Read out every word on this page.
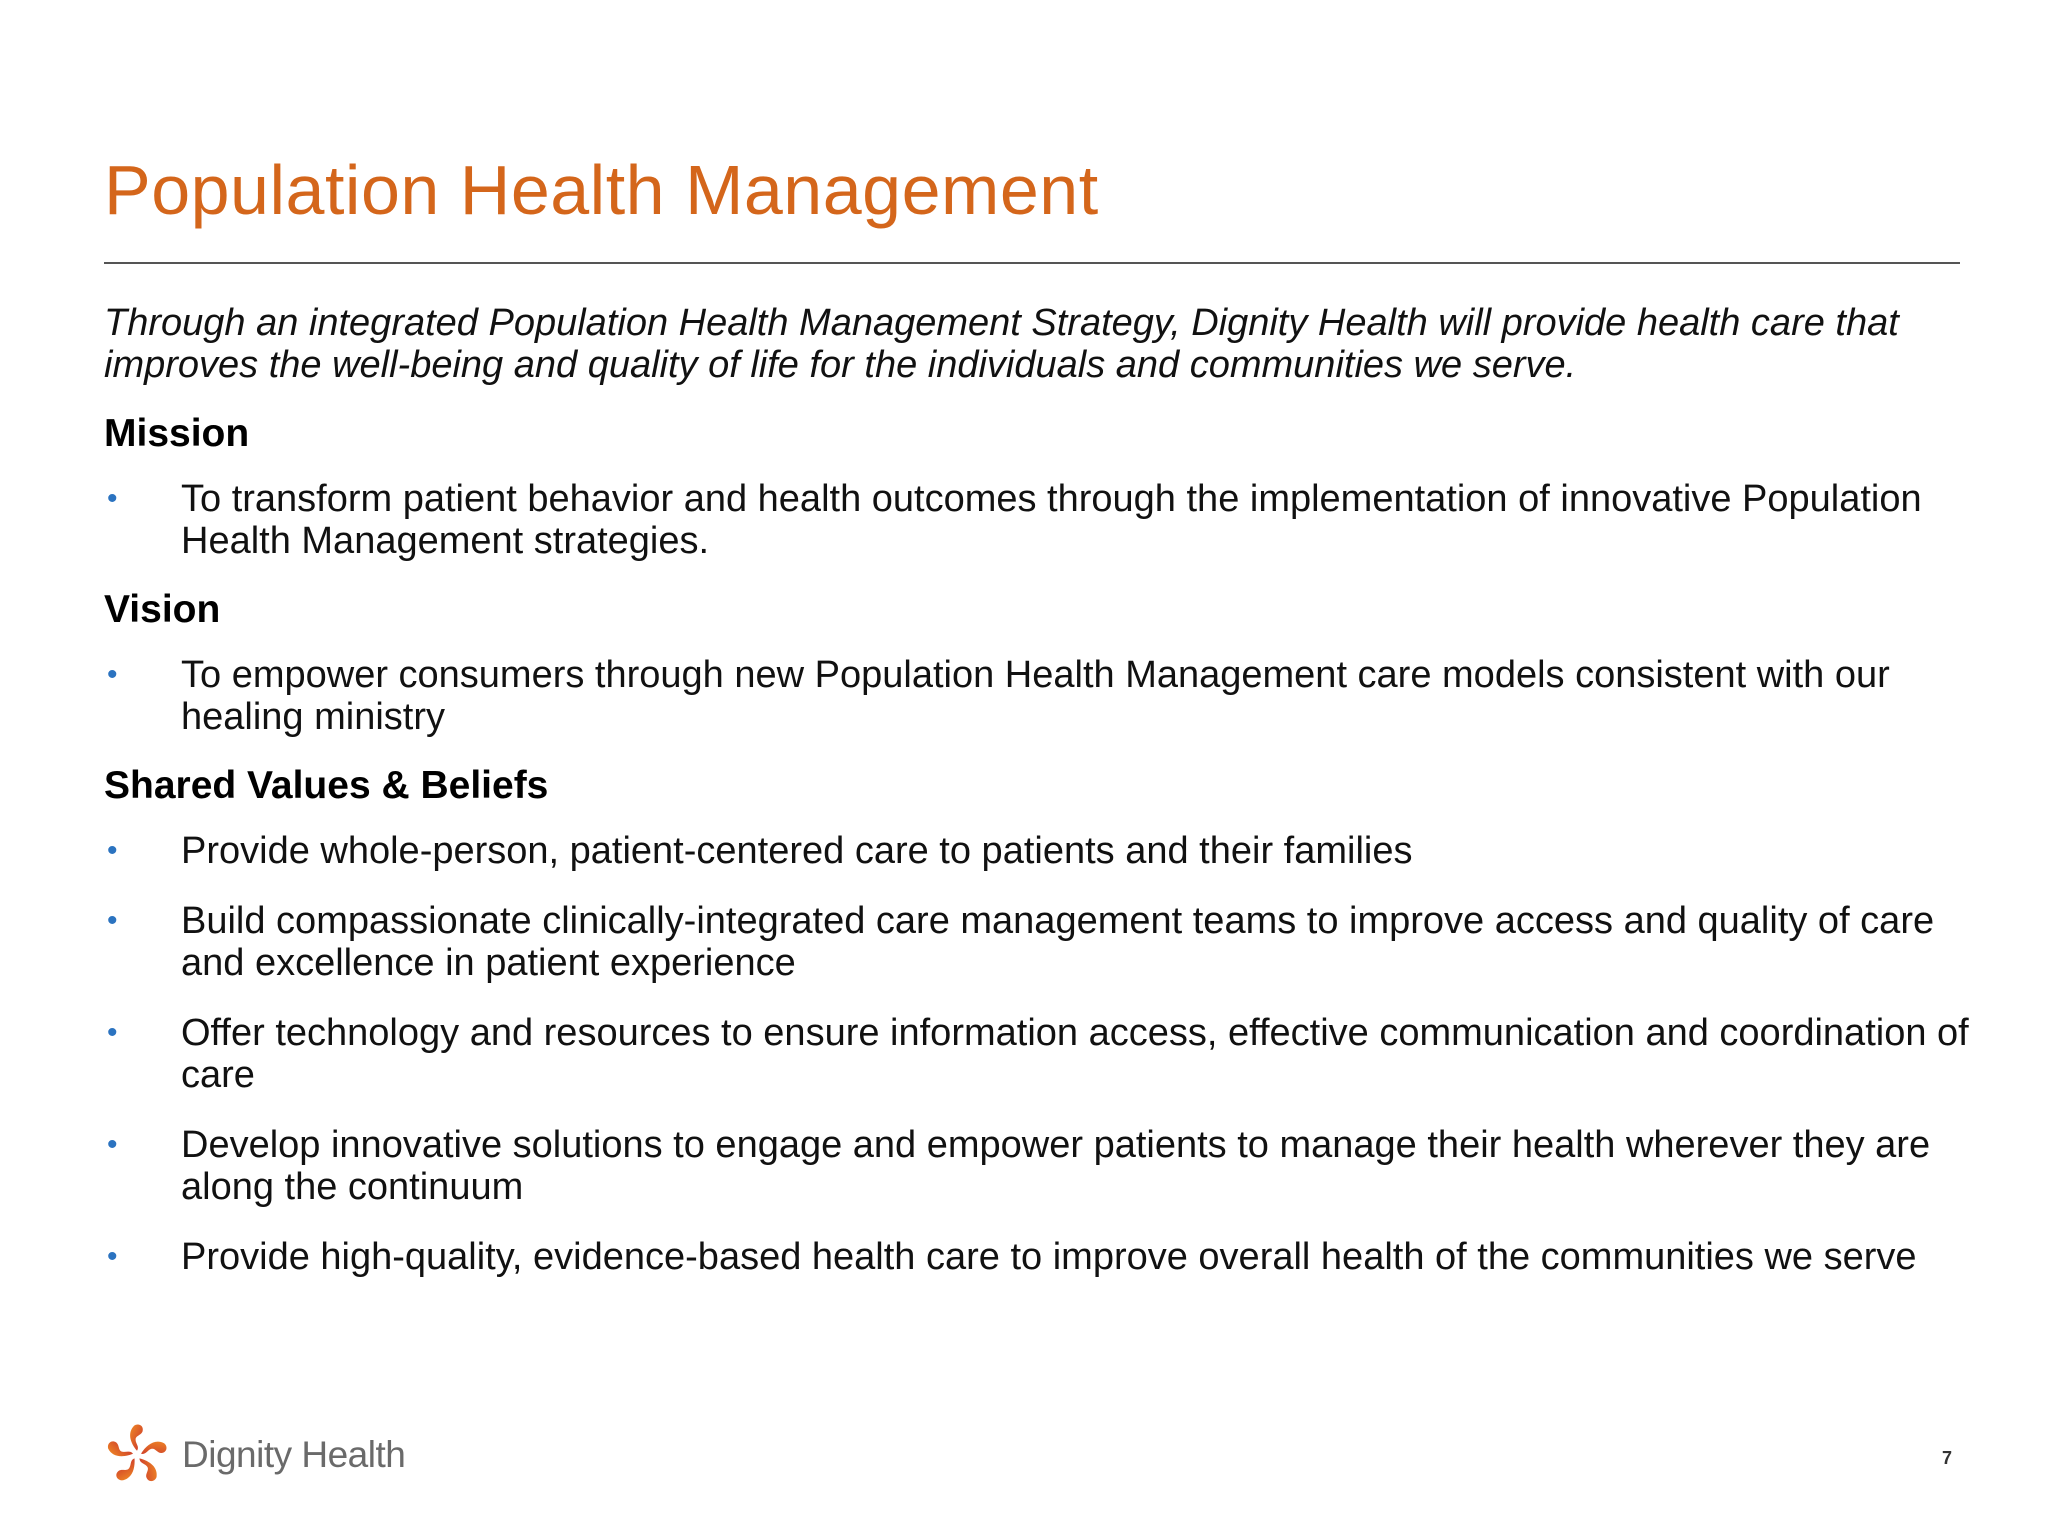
Population Health Management

Through an integrated Population Health Management Strategy, Dignity Health will provide health care that improves the well-being and quality of life for the individuals and communities we serve.

Mission
• To transform patient behavior and health outcomes through the implementation of innovative Population Health Management strategies.
Vision
• To empower consumers through new Population Health Management care models consistent with our healing ministry
Shared Values & Beliefs
• Provide whole-person, patient-centered care to patients and their families
• Build compassionate clinically-integrated care management teams to improve access and quality of care and excellence in patient experience
• Offer technology and resources to ensure information access, effective communication and coordination of care
• Develop innovative solutions to engage and empower patients to manage their health wherever they are along the continuum
• Provide high-quality, evidence-based health care to improve overall health of the communities we serve
Dignity Health	7
